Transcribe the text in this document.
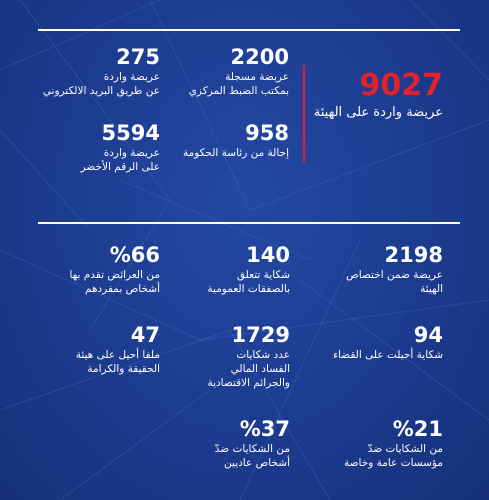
9027
عريضة واردة على الهيئة
2200
عريضة مسجلة
بمكتب الضبط المركزي
275
عريضة واردة
عن طريق البريد الالكتروني
958
إحالة من رئاسة الحكومة
5594
عريضة واردة
على الرقم الأخضر
2198
عريضة ضمن اختصاص
الهيئة
140
شكاية تتعلق
بالصفقات العمومية
%66
من العرائض تقدم بها
أشخاص بمفردهم
94
شكاية أحيلت على القضاء
1729
عدد شكايات
الفساد المالي
والجرائم الاقتصادية
47
ملفا أحيل على هيئة
الحقيقة والكرامة
%21
من الشكايات ضدّ
مؤسسات عامة وخاصة
%37
من الشكايات ضدّ
أشخاص عاديين
